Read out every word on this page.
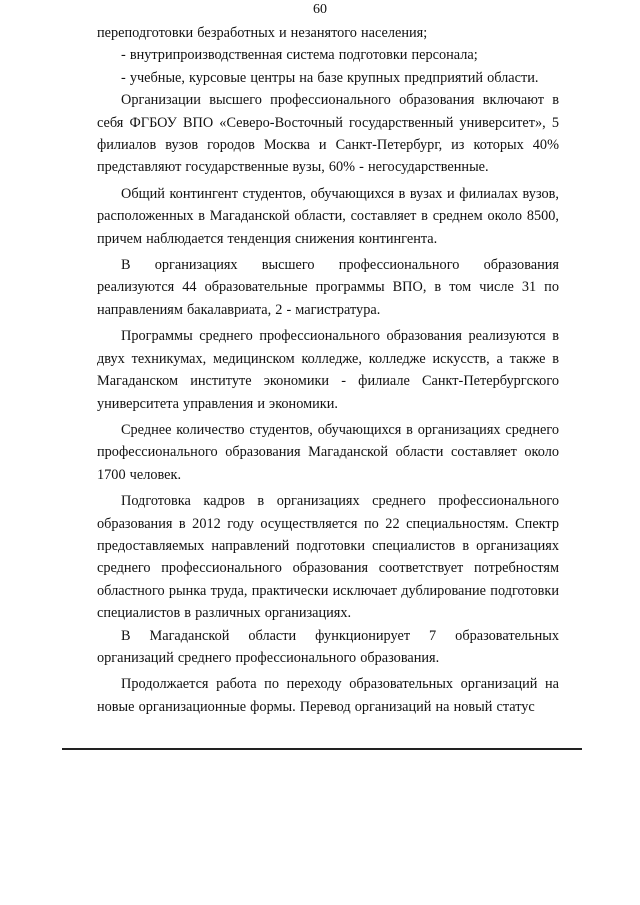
60

переподготовки безработных и незанятого населения;

- внутрипроизводственная система подготовки персонала;

- учебные, курсовые центры на базе крупных предприятий области.

Организации высшего профессионального образования включают в себя ФГБОУ ВПО «Северо-Восточный государственный университет», 5 филиалов вузов городов Москва и Санкт-Петербург, из которых 40% представляют государственные вузы, 60% - негосударственные.

Общий контингент студентов, обучающихся в вузах и филиалах вузов, расположенных в Магаданской области, составляет в среднем около 8500, причем наблюдается тенденция снижения контингента.

В организациях высшего профессионального образования реализуются 44 образовательные программы ВПО, в том числе 31 по направлениям бакалавриата, 2 - магистратура.

Программы среднего профессионального образования реализуются в двух техникумах, медицинском колледже, колледже искусств, а также в Магаданском институте экономики - филиале Санкт-Петербургского университета управления и экономики.

Среднее количество студентов, обучающихся в организациях среднего профессионального образования Магаданской области составляет около 1700 человек.

Подготовка кадров в организациях среднего профессионального образования в 2012 году осуществляется по 22 специальностям. Спектр предоставляемых направлений подготовки специалистов в организациях среднего профессионального образования соответствует потребностям областного рынка труда, практически исключает дублирование подготовки специалистов в различных организациях.

В Магаданской области функционирует 7 образовательных организаций среднего профессионального образования.

Продолжается работа по переходу образовательных организаций на новые организационные формы. Перевод организаций на новый статус
